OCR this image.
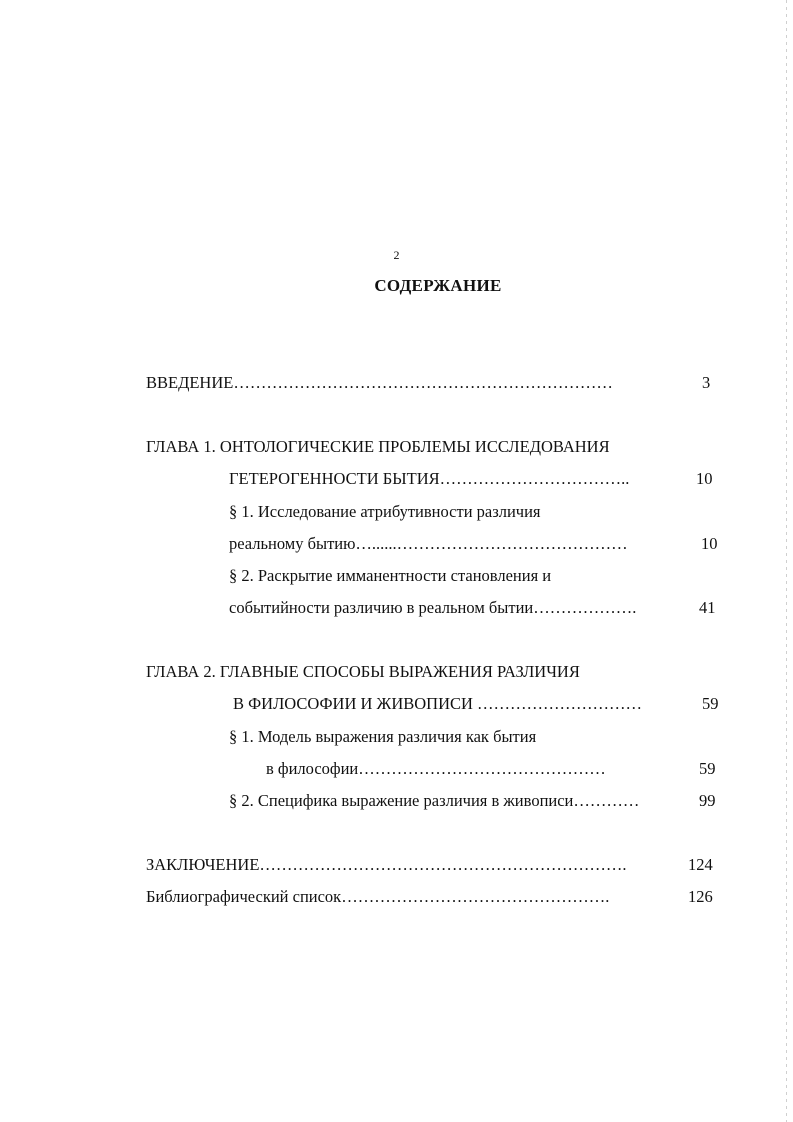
2
СОДЕРЖАНИЕ
ВВЕДЕНИЕ……………………………………………………………	3
ГЛАВА 1. ОНТОЛОГИЧЕСКИЕ ПРОБЛЕМЫ ИССЛЕДОВАНИЯ
ГЕТЕРОГЕННОСТИ БЫТИЯ……………………………..	10
§ 1. Исследование атрибутивности различия
реальному бытию…......……………………………………	10
§ 2. Раскрытие имманентности становления и
событийности различию в реальном бытии……………….	41
ГЛАВА 2. ГЛАВНЫЕ СПОСОБЫ ВЫРАЖЕНИЯ РАЗЛИЧИЯ
В ФИЛОСОФИИ И ЖИВОПИСИ …………………………	59
§ 1. Модель выражения различия как бытия
в философии………………………………………	59
§ 2. Специфика выражение различия в живописи…………	99
ЗАКЛЮЧЕНИЕ………………………………………………………….	124
Библиографический список………………………………………….	126
